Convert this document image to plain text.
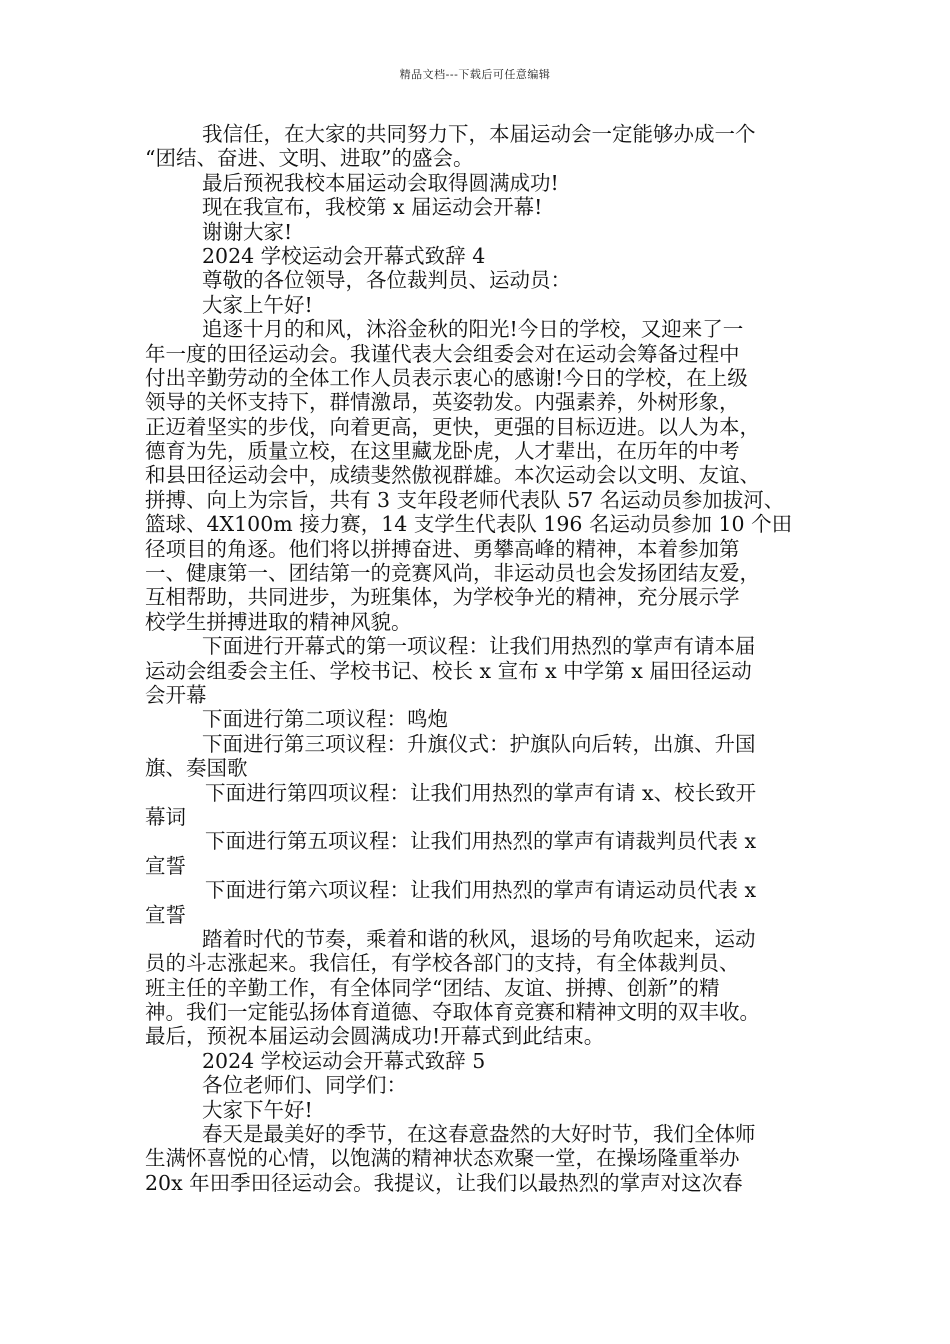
精品文档---下载后可任意编辑
我信任，在大家的共同努力下，本届运动会一定能够办成一个
“团结、奋进、文明、进取”的盛会。
最后预祝我校本届运动会取得圆满成功!
现在我宣布，我校第 x 届运动会开幕!
谢谢大家!
2024 学校运动会开幕式致辞 4
尊敬的各位领导，各位裁判员、运动员：
大家上午好!
追逐十月的和风，沐浴金秋的阳光!今日的学校，又迎来了一
年一度的田径运动会。我谨代表大会组委会对在运动会筹备过程中
付出辛勤劳动的全体工作人员表示衷心的感谢!今日的学校，在上级
领导的关怀支持下，群情激昂，英姿勃发。内强素养，外树形象，
正迈着坚实的步伐，向着更高，更快，更强的目标迈进。以人为本，
德育为先，质量立校，在这里藏龙卧虎，人才辈出，在历年的中考
和县田径运动会中，成绩斐然傲视群雄。本次运动会以文明、友谊、
拼搏、向上为宗旨，共有 3 支年段老师代表队 57 名运动员参加拔河、
篮球、4X100m 接力赛，14 支学生代表队 196 名运动员参加 10 个田
径项目的角逐。他们将以拼搏奋进、勇攀高峰的精神，本着参加第
一、健康第一、团结第一的竞赛风尚，非运动员也会发扬团结友爱，
互相帮助，共同进步，为班集体，为学校争光的精神，充分展示学
校学生拼搏进取的精神风貌。
下面进行开幕式的第一项议程：让我们用热烈的掌声有请本届
运动会组委会主任、学校书记、校长 x 宣布 x 中学第 x 届田径运动
会开幕
下面进行第二项议程：鸣炮
下面进行第三项议程：升旗仪式：护旗队向后转，出旗、升国
旗、奏国歌
下面进行第四项议程：让我们用热烈的掌声有请 x、校长致开
幕词
下面进行第五项议程：让我们用热烈的掌声有请裁判员代表 x
宣誓
下面进行第六项议程：让我们用热烈的掌声有请运动员代表 x
宣誓
踏着时代的节奏，乘着和谐的秋风，退场的号角吹起来，运动
员的斗志涨起来。我信任，有学校各部门的支持，有全体裁判员、
班主任的辛勤工作，有全体同学“团结、友谊、拼搏、创新”的精
神。我们一定能弘扬体育道德、夺取体育竞赛和精神文明的双丰收。
最后，预祝本届运动会圆满成功!开幕式到此结束。
2024 学校运动会开幕式致辞 5
各位老师们、同学们：
大家下午好!
春天是最美好的季节，在这春意盎然的大好时节，我们全体师
生满怀喜悦的心情，以饱满的精神状态欢聚一堂，在操场隆重举办
20x 年田季田径运动会。我提议，让我们以最热烈的掌声对这次春
